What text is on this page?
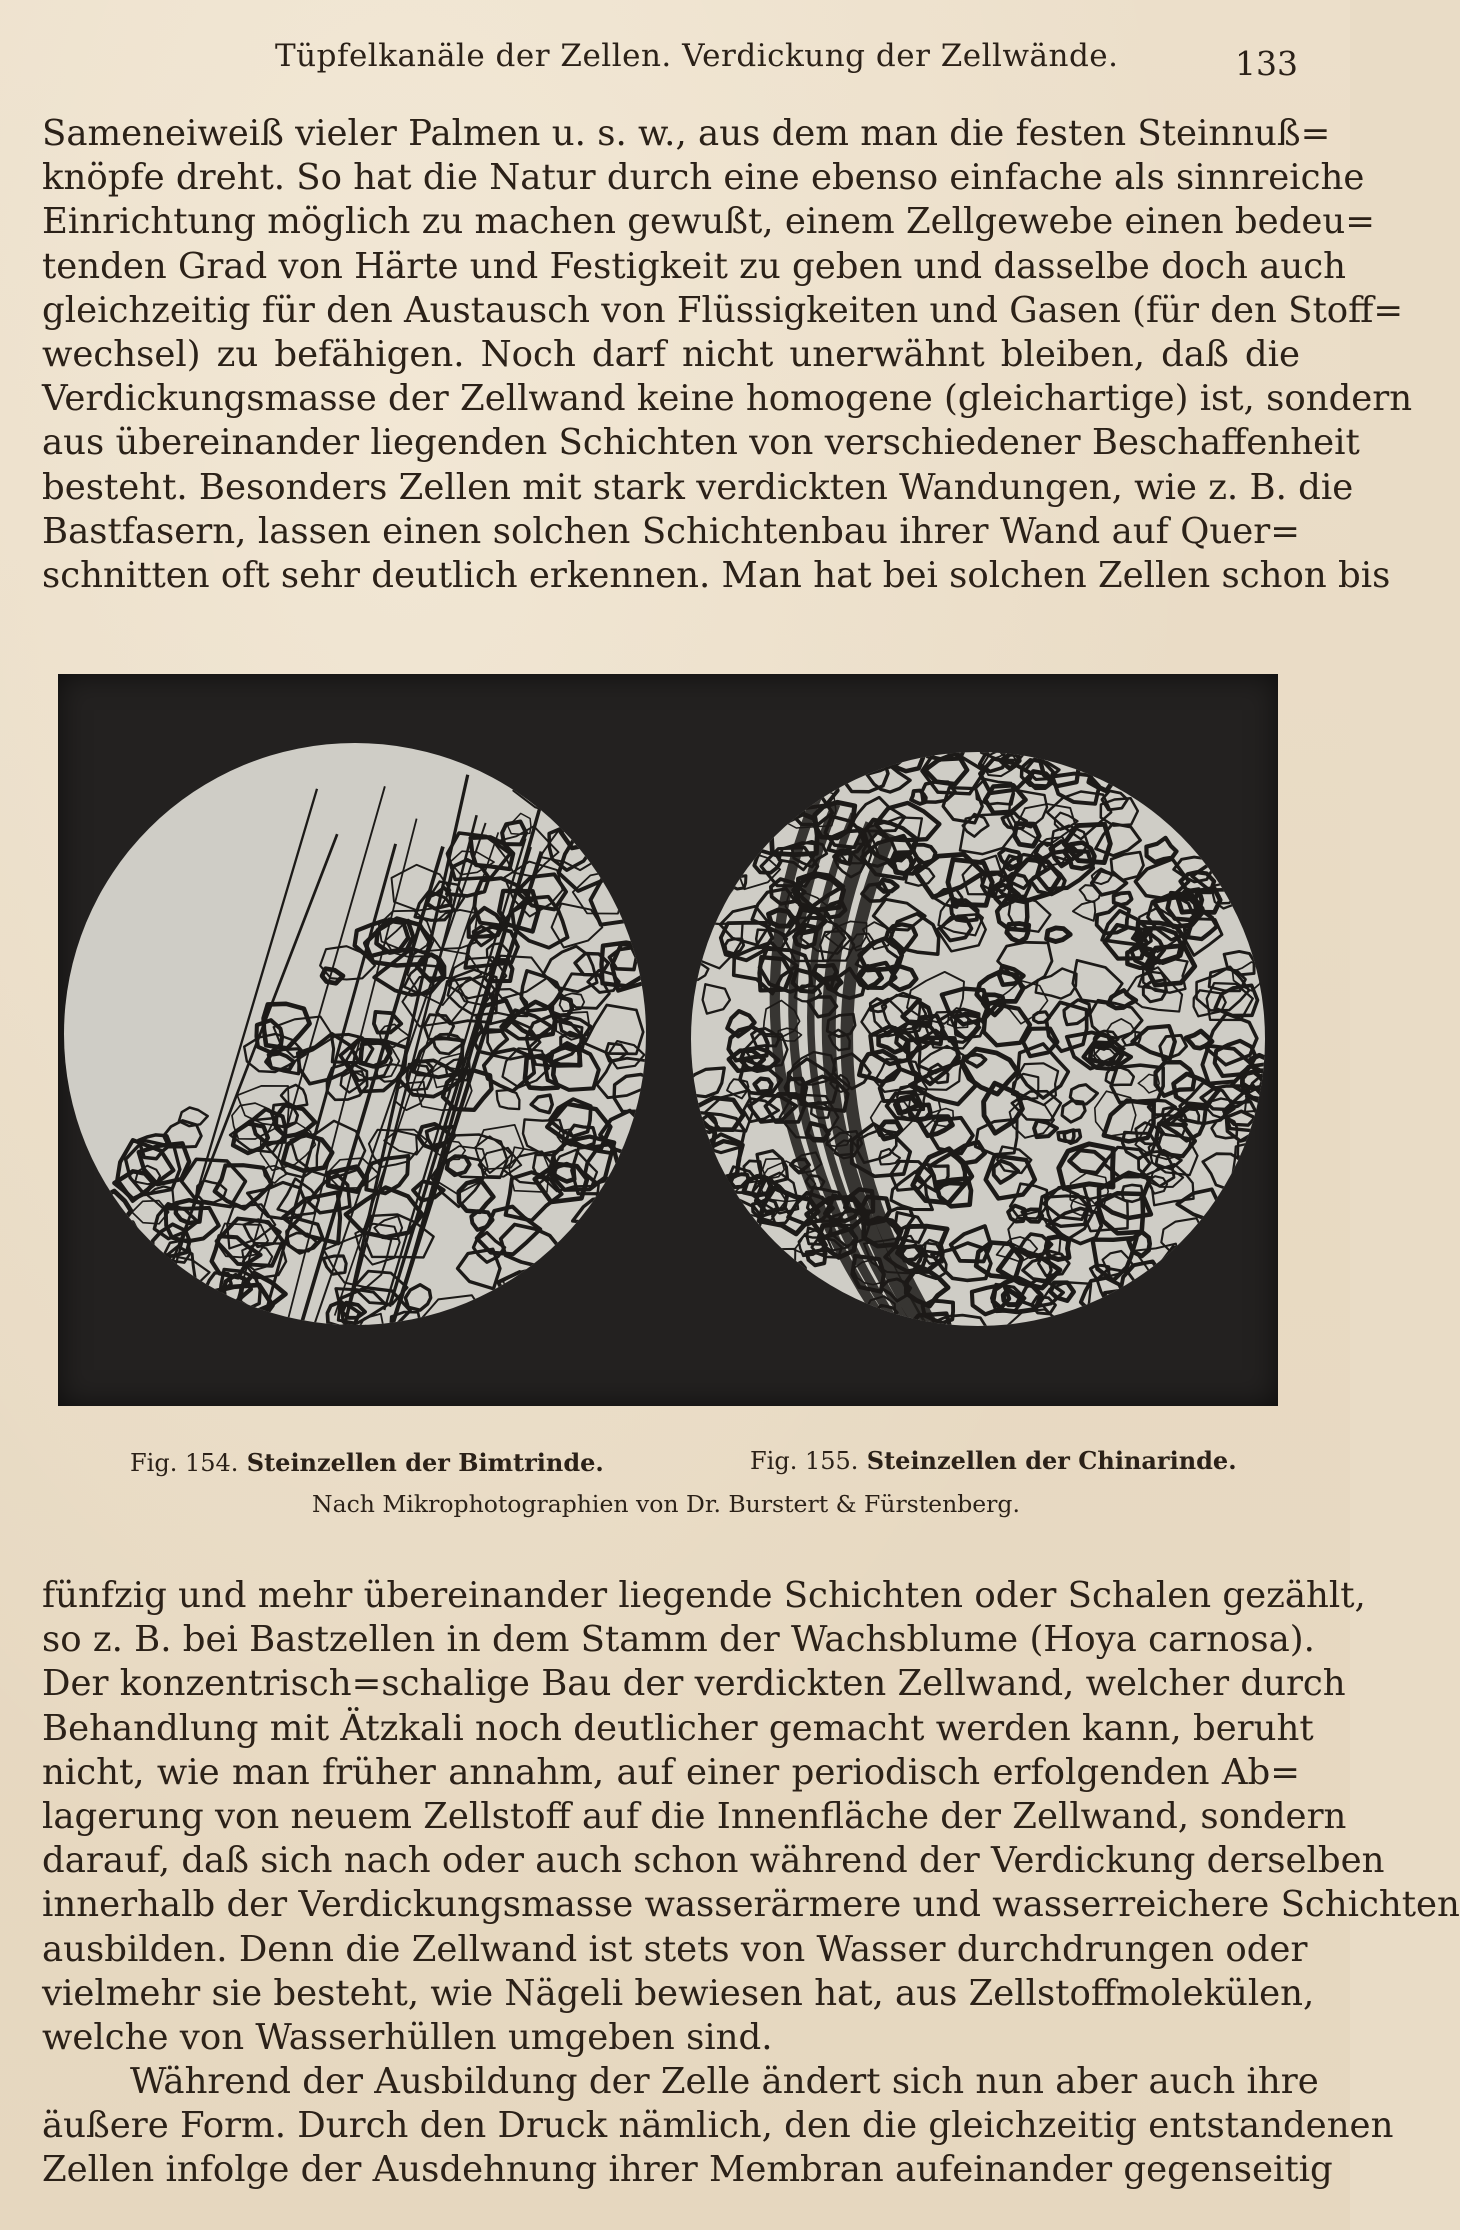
Tüpfelkanäle der Zellen. Verdickung der Zellwände.	133
Sameneiweiß vieler Palmen u. s. w., aus dem man die festen Steinnuß=
knöpfe dreht. So hat die Natur durch eine ebenso einfache als sinnreiche
Einrichtung möglich zu machen gewußt, einem Zellgewebe einen bedeu=
tenden Grad von Härte und Festigkeit zu geben und dasselbe doch auch
gleichzeitig für den Austausch von Flüssigkeiten und Gasen (für den Stoff=
wechsel) zu befähigen. Noch darf nicht unerwähnt bleiben, daß die
Verdickungsmasse der Zellwand keine homogene (gleichartige) ist, sondern
aus übereinander liegenden Schichten von verschiedener Beschaffenheit
besteht. Besonders Zellen mit stark verdickten Wandungen, wie z. B. die
Bastfasern, lassen einen solchen Schichtenbau ihrer Wand auf Quer=
schnitten oft sehr deutlich erkennen. Man hat bei solchen Zellen schon bis
Fig. 154. Steinzellen der Bimtrinde.	Fig. 155. Steinzellen der Chinarinde.
Nach Mikrophotographien von Dr. Burstert & Fürstenberg.
fünfzig und mehr übereinander liegende Schichten oder Schalen gezählt,
so z. B. bei Bastzellen in dem Stamm der Wachsblume (Hoya carnosa).
Der konzentrisch=schalige Bau der verdickten Zellwand, welcher durch
Behandlung mit Ätzkali noch deutlicher gemacht werden kann, beruht
nicht, wie man früher annahm, auf einer periodisch erfolgenden Ab=
lagerung von neuem Zellstoff auf die Innenfläche der Zellwand, sondern
darauf, daß sich nach oder auch schon während der Verdickung derselben
innerhalb der Verdickungsmasse wasserärmere und wasserreichere Schichten
ausbilden. Denn die Zellwand ist stets von Wasser durchdrungen oder
vielmehr sie besteht, wie Nägeli bewiesen hat, aus Zellstoffmolekülen,
welche von Wasserhüllen umgeben sind.
Während der Ausbildung der Zelle ändert sich nun aber auch ihre
äußere Form. Durch den Druck nämlich, den die gleichzeitig entstandenen
Zellen infolge der Ausdehnung ihrer Membran aufeinander gegenseitig
